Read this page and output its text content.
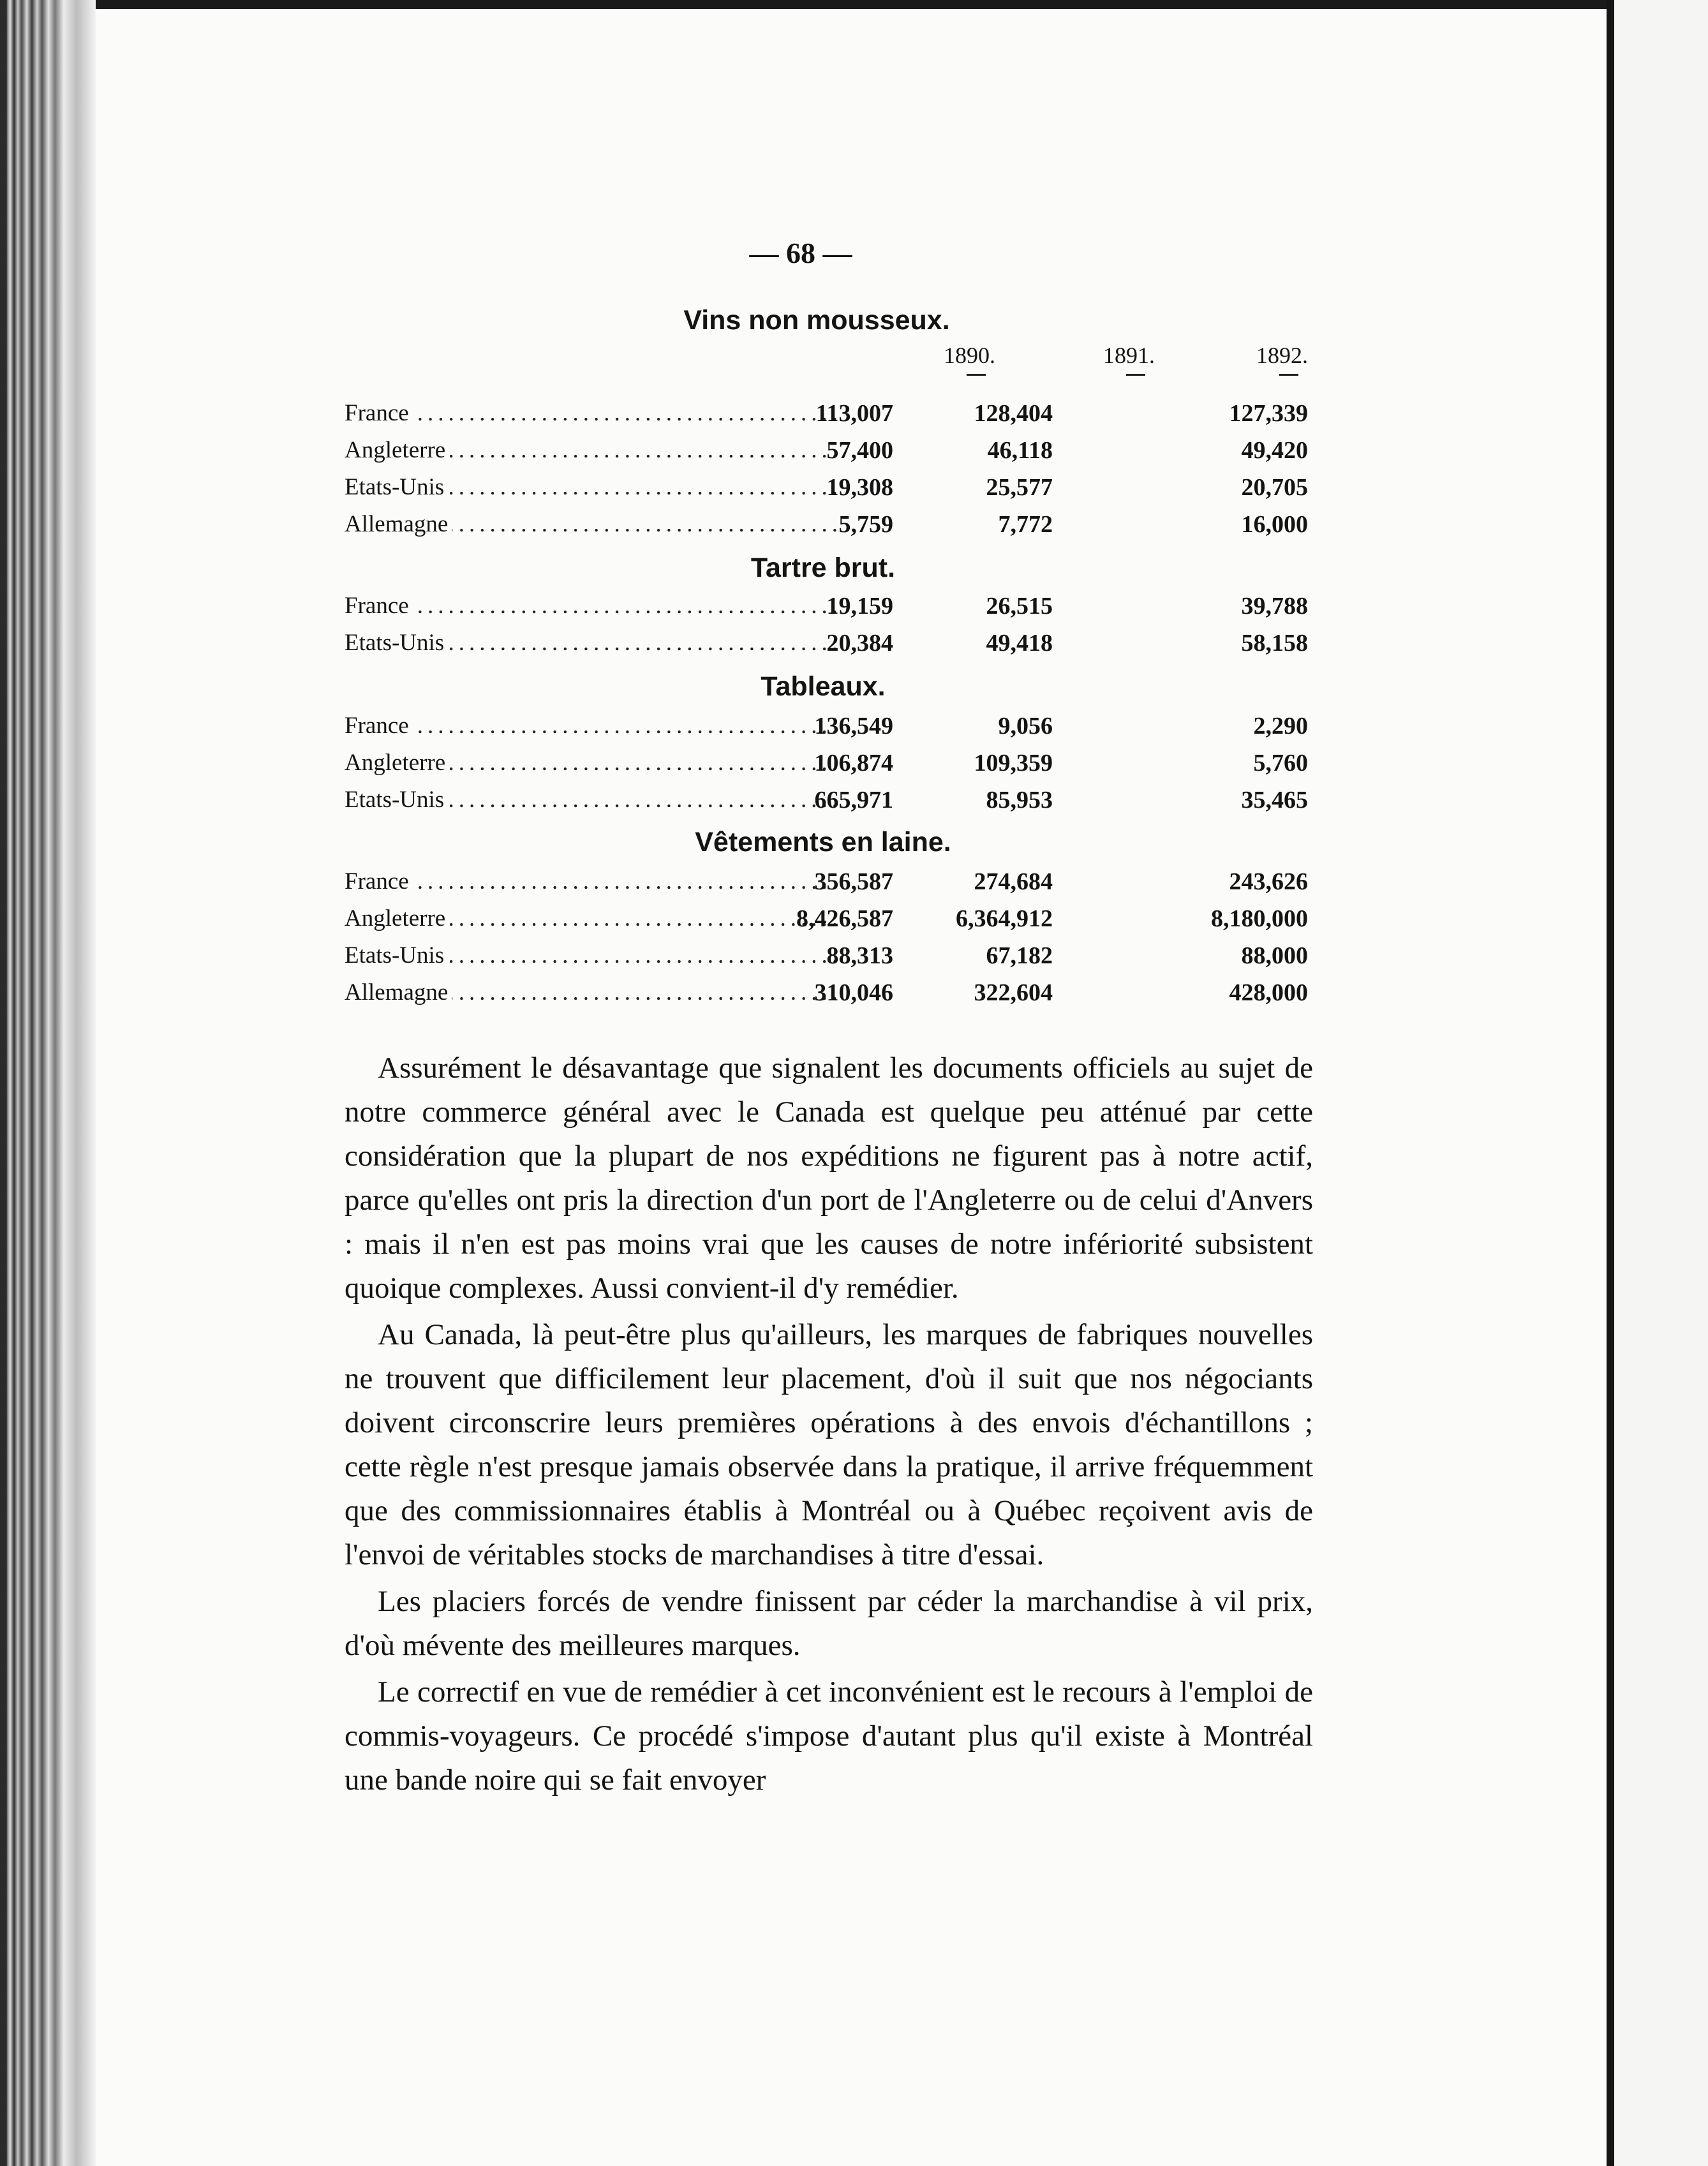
— 68 —
1890.	1891.	1892.
Vins non mousseux.
France .....	113,007	128,404	127,339
Angleterre .....	57,400	46,118	49,420
Etats-Unis .....	19,308	25,577	20,705
Allemagne .....	5,759	7,772	16,000
Tartre brut.
France .....	19,159	26,515	39,788
Etats-Unis .....	20,384	49,418	58,158
Tableaux.
France .....	136,549	9,056	2,290
Angleterre .....	106,874	109,359	5,760
Etats-Unis .....	665,971	85,953	35,465
Vêtements en laine.
France .....	356,587	274,684	243,626
Angleterre .....	8,426,587	6,364,912	8,180,000
Etats-Unis .....	88,313	67,182	88,000
Allemagne .....	310,046	322,604	428,000

Assurément le désavantage que signalent les documents officiels au sujet de notre commerce général avec le Canada est quelque peu atténué par cette considération que la plupart de nos expéditions ne figurent pas à notre actif, parce qu'elles ont pris la direction d'un port de l'Angleterre ou de celui d'Anvers : mais il n'en est pas moins vrai que les causes de notre infériorité subsistent quoique complexes. Aussi convient-il d'y remédier.

Au Canada, là peut-être plus qu'ailleurs, les marques de fabriques nouvelles ne trouvent que difficilement leur placement, d'où il suit que nos négociants doivent circonscrire leurs premières opérations à des envois d'échantillons ; cette règle n'est presque jamais observée dans la pratique, il arrive fréquemment que des commissionnaires établis à Montréal ou à Québec reçoivent avis de l'envoi de véritables stocks de marchandises à titre d'essai.

Les placiers forcés de vendre finissent par céder la marchandise à vil prix, d'où mévente des meilleures marques.

Le correctif en vue de remédier à cet inconvénient est le recours à l'emploi de commis-voyageurs. Ce procédé s'impose d'autant plus qu'il existe à Montréal une bande noire qui se fait envoyer
